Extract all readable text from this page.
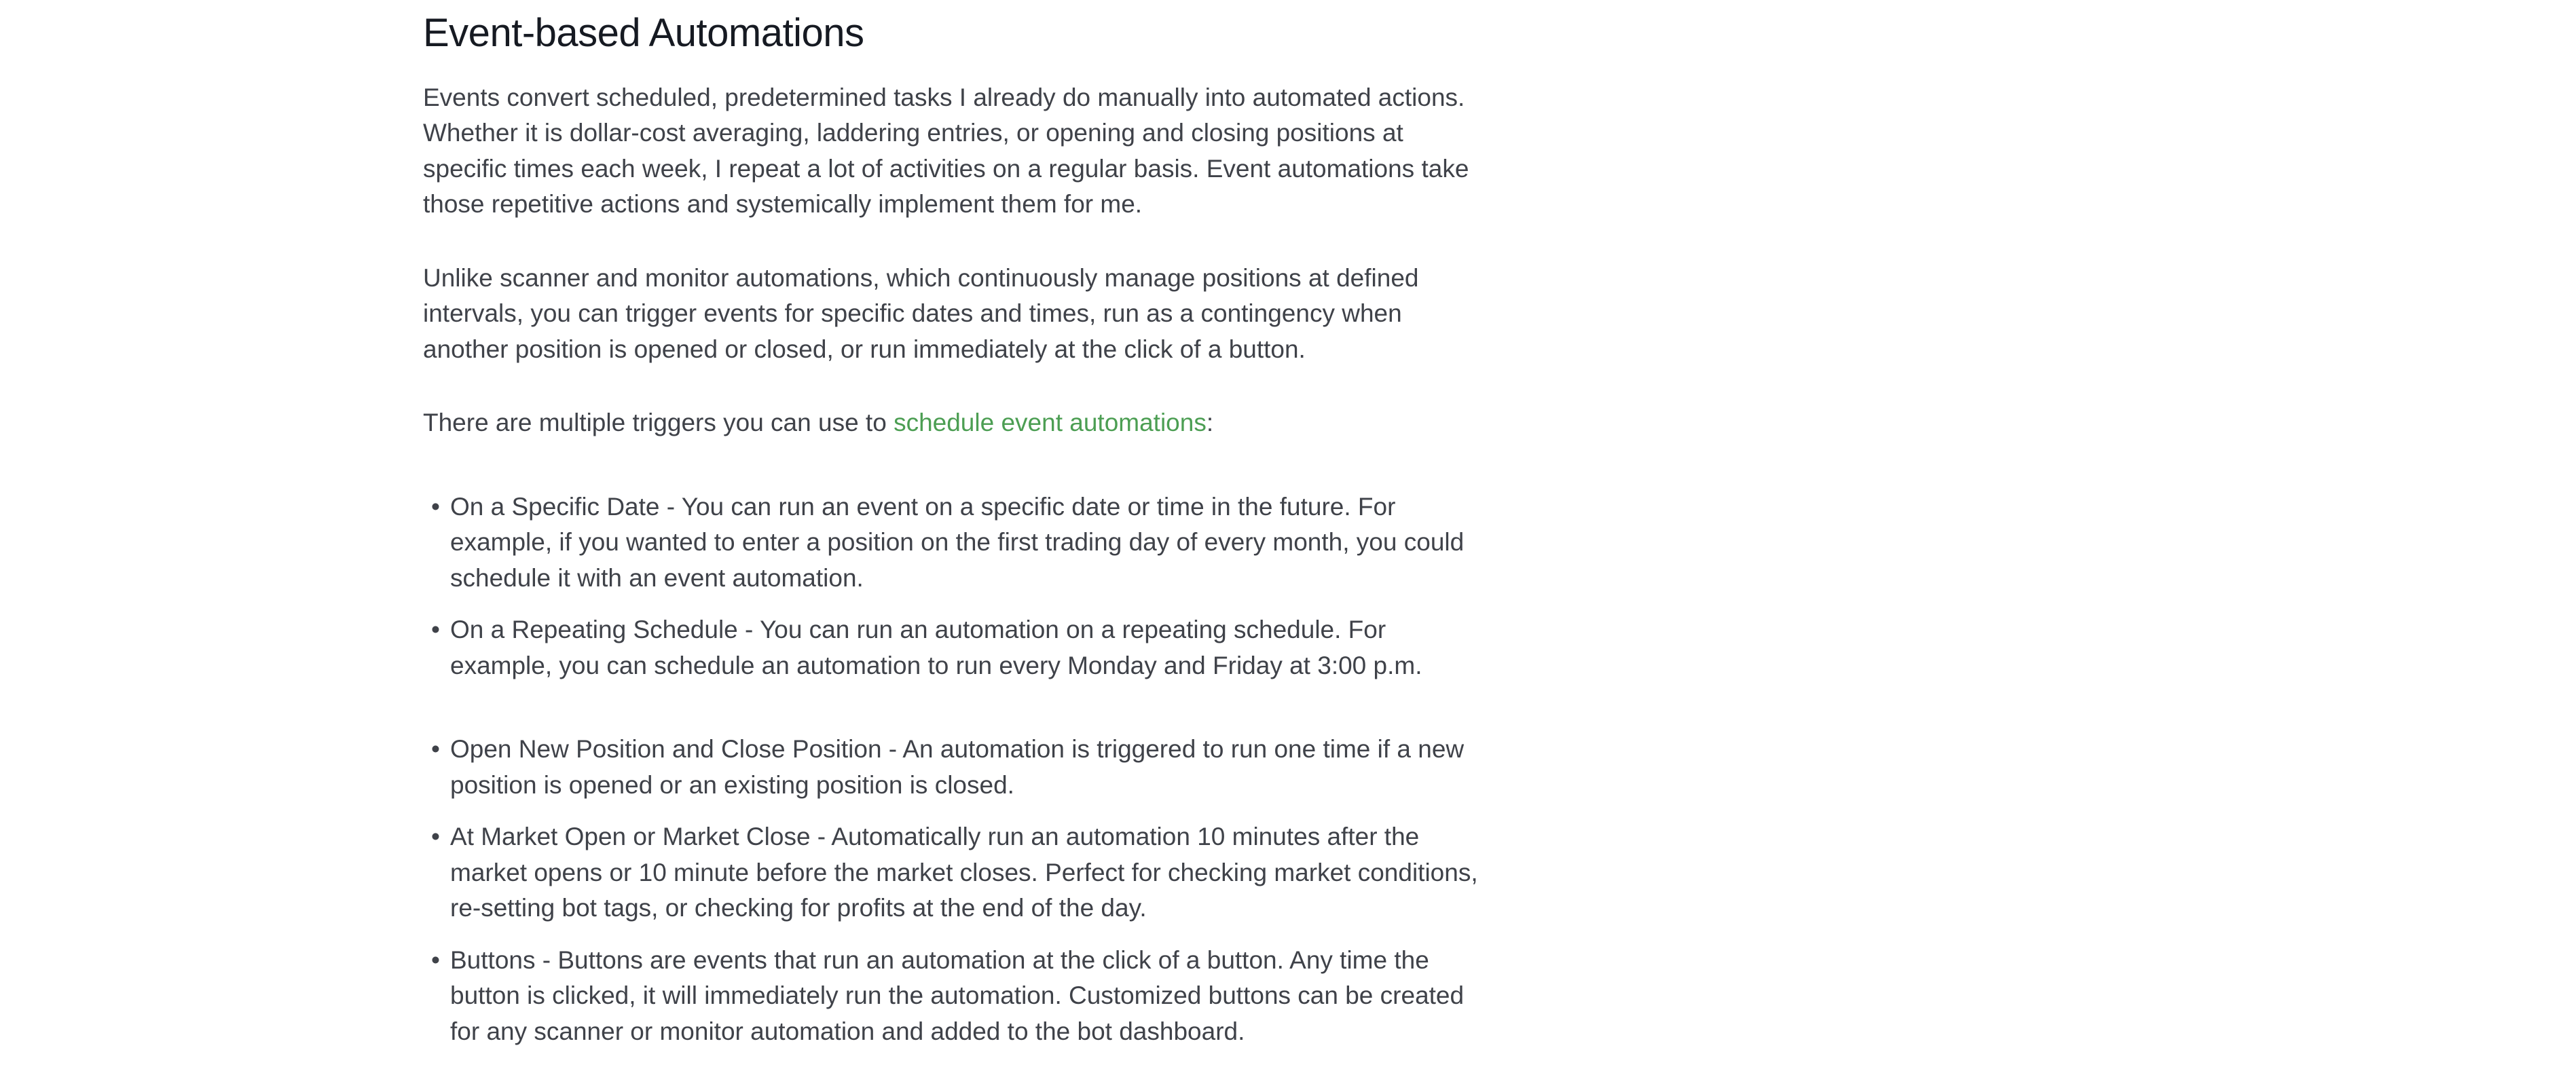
Event-based Automations

Events convert scheduled, predetermined tasks I already do manually into automated actions. Whether it is dollar-cost averaging, laddering entries, or opening and closing positions at specific times each week, I repeat a lot of activities on a regular basis. Event automations take those repetitive actions and systemically implement them for me.

Unlike scanner and monitor automations, which continuously manage positions at defined intervals, you can trigger events for specific dates and times, run as a contingency when another position is opened or closed, or run immediately at the click of a button.

There are multiple triggers you can use to schedule event automations:

• On a Specific Date - You can run an event on a specific date or time in the future. For example, if you wanted to enter a position on the first trading day of every month, you could schedule it with an event automation.
• On a Repeating Schedule - You can run an automation on a repeating schedule. For example, you can schedule an automation to run every Monday and Friday at 3:00 p.m.
• Open New Position and Close Position - An automation is triggered to run one time if a new position is opened or an existing position is closed.
• At Market Open or Market Close - Automatically run an automation 10 minutes after the market opens or 10 minute before the market closes. Perfect for checking market conditions, re-setting bot tags, or checking for profits at the end of the day.
• Buttons - Buttons are events that run an automation at the click of a button. Any time the button is clicked, it will immediately run the automation. Customized buttons can be created for any scanner or monitor automation and added to the bot dashboard.
